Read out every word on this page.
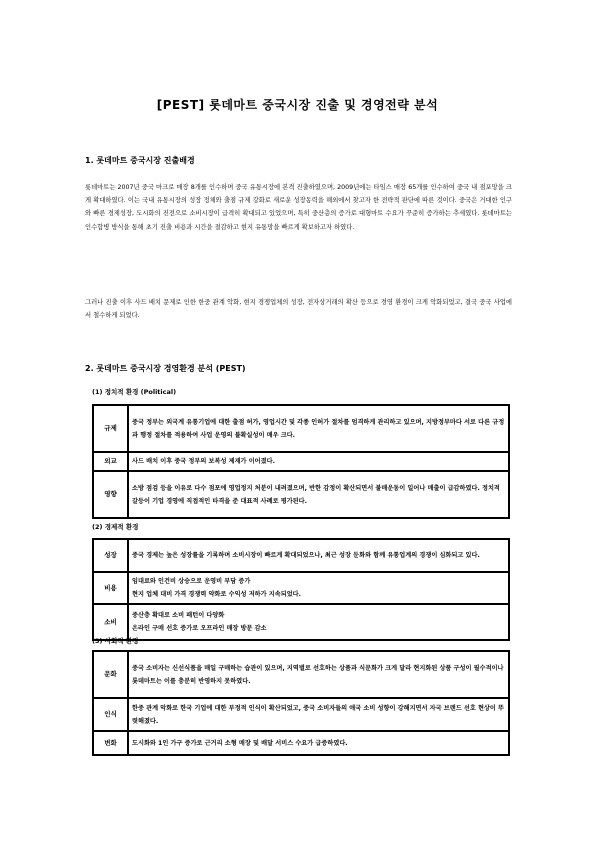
[PEST] 롯데마트 중국시장 진출 및 경영전략 분석
1. 롯데마트 중국시장 진출배경
롯데마트는 2007년 중국 마크로 매장 8개를 인수하며 중국 유통시장에 본격 진출하였으며, 2009년에는 타임스 매장 65개를 인수하여 중국 내 점포망을 크게 확대하였다. 이는 국내 유통시장의 성장 정체와 출점 규제 강화로 새로운 성장동력을 해외에서 찾고자 한 전략적 판단에 따른 것이다. 중국은 거대한 인구와 빠른 경제성장, 도시화의 진전으로 소비시장이 급격히 확대되고 있었으며, 특히 중산층의 증가로 대형마트 수요가 꾸준히 증가하는 추세였다. 롯데마트는 인수합병 방식을 통해 초기 진출 비용과 시간을 절감하고 현지 유통망을 빠르게 확보하고자 하였다.
그러나 진출 이후 사드 배치 문제로 인한 한중 관계 악화, 현지 경쟁업체의 성장, 전자상거래의 확산 등으로 경영 환경이 크게 악화되었고, 결국 중국 사업에서 철수하게 되었다.
2. 롯데마트 중국시장 경영환경 분석 (PEST)
(1) 정치적 환경 (Political)
규제	중국 정부는 외국계 유통기업에 대한 출점 허가, 영업시간 및 각종 인허가 절차를 엄격하게 관리하고 있으며, 지방정부마다 서로 다른 규정과 행정 절차를 적용하여 사업 운영의 불확실성이 매우 크다.
외교	사드 배치 이후 중국 정부의 보복성 제재가 이어졌다.
영향	소방 점검 등을 이유로 다수 점포에 영업정지 처분이 내려졌으며, 반한 감정이 확산되면서 불매운동이 일어나 매출이 급감하였다. 정치적 갈등이 기업 경영에 직접적인 타격을 준 대표적 사례로 평가된다.
(2) 경제적 환경
성장	중국 경제는 높은 성장률을 기록하며 소비시장이 빠르게 확대되었으나, 최근 성장 둔화와 함께 유통업계의 경쟁이 심화되고 있다.
비용	임대료와 인건비 상승으로 운영비 부담 증가
현지 업체 대비 가격 경쟁력 약화로 수익성 저하가 지속되었다.
소비	중산층 확대로 소비 패턴이 다양화
온라인 구매 선호 증가로 오프라인 매장 방문 감소
(3) 사회적 환경
문화	중국 소비자는 신선식품을 매일 구매하는 습관이 있으며, 지역별로 선호하는 상품과 식문화가 크게 달라 현지화된 상품 구성이 필수적이나 롯데마트는 이를 충분히 반영하지 못하였다.
인식	한중 관계 악화로 한국 기업에 대한 부정적 인식이 확산되었고, 중국 소비자들의 애국 소비 성향이 강해지면서 자국 브랜드 선호 현상이 뚜렷해졌다.
변화	도시화와 1인 가구 증가로 근거리 소형 매장 및 배달 서비스 수요가 급증하였다.
